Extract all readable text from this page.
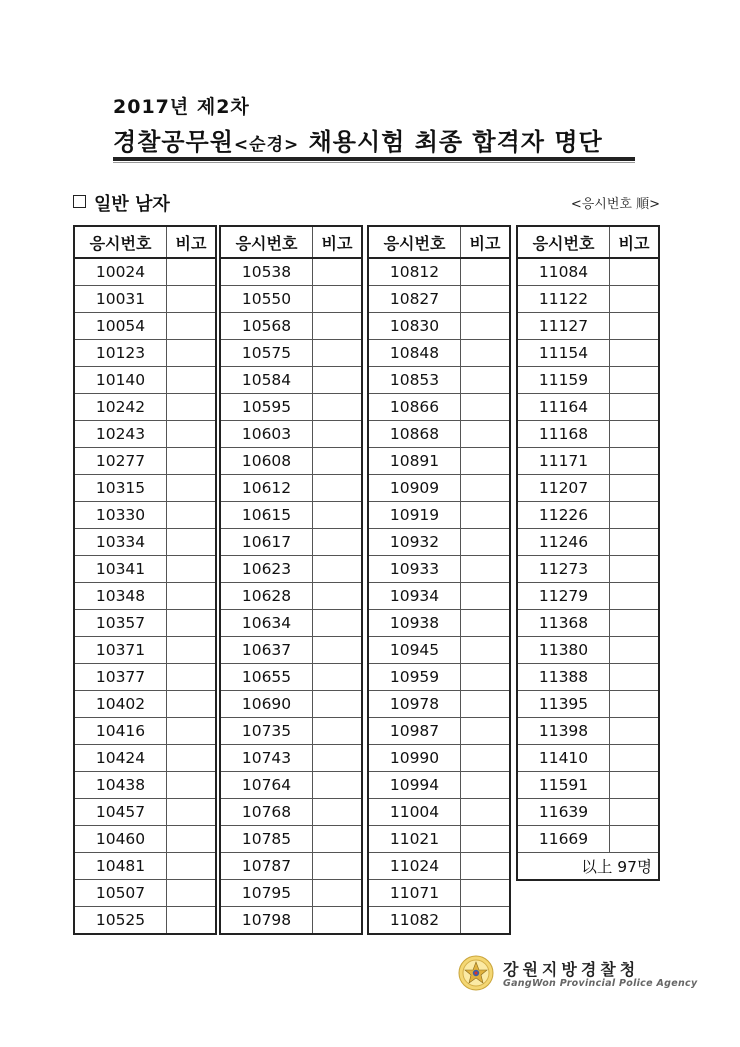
2017년 제2차
경찰공무원<순경> 채용시험 최종 합격자 명단
일반 남자	<응시번호 順>
응시번호	비고
10024	
10031	
10054	
10123	
10140	
10242	
10243	
10277	
10315	
10330	
10334	
10341	
10348	
10357	
10371	
10377	
10402	
10416	
10424	
10438	
10457	
10460	
10481	
10507	
10525	
응시번호	비고
10538	
10550	
10568	
10575	
10584	
10595	
10603	
10608	
10612	
10615	
10617	
10623	
10628	
10634	
10637	
10655	
10690	
10735	
10743	
10764	
10768	
10785	
10787	
10795	
10798	
응시번호	비고
10812	
10827	
10830	
10848	
10853	
10866	
10868	
10891	
10909	
10919	
10932	
10933	
10934	
10938	
10945	
10959	
10978	
10987	
10990	
10994	
11004	
11021	
11024	
11071	
11082	
응시번호	비고
11084	
11122	
11127	
11154	
11159	
11164	
11168	
11171	
11207	
11226	
11246	
11273	
11279	
11368	
11380	
11388	
11395	
11398	
11410	
11591	
11639	
11669	
以上 97명	
강원지방경찰청
GangWon Provincial Police Agency
